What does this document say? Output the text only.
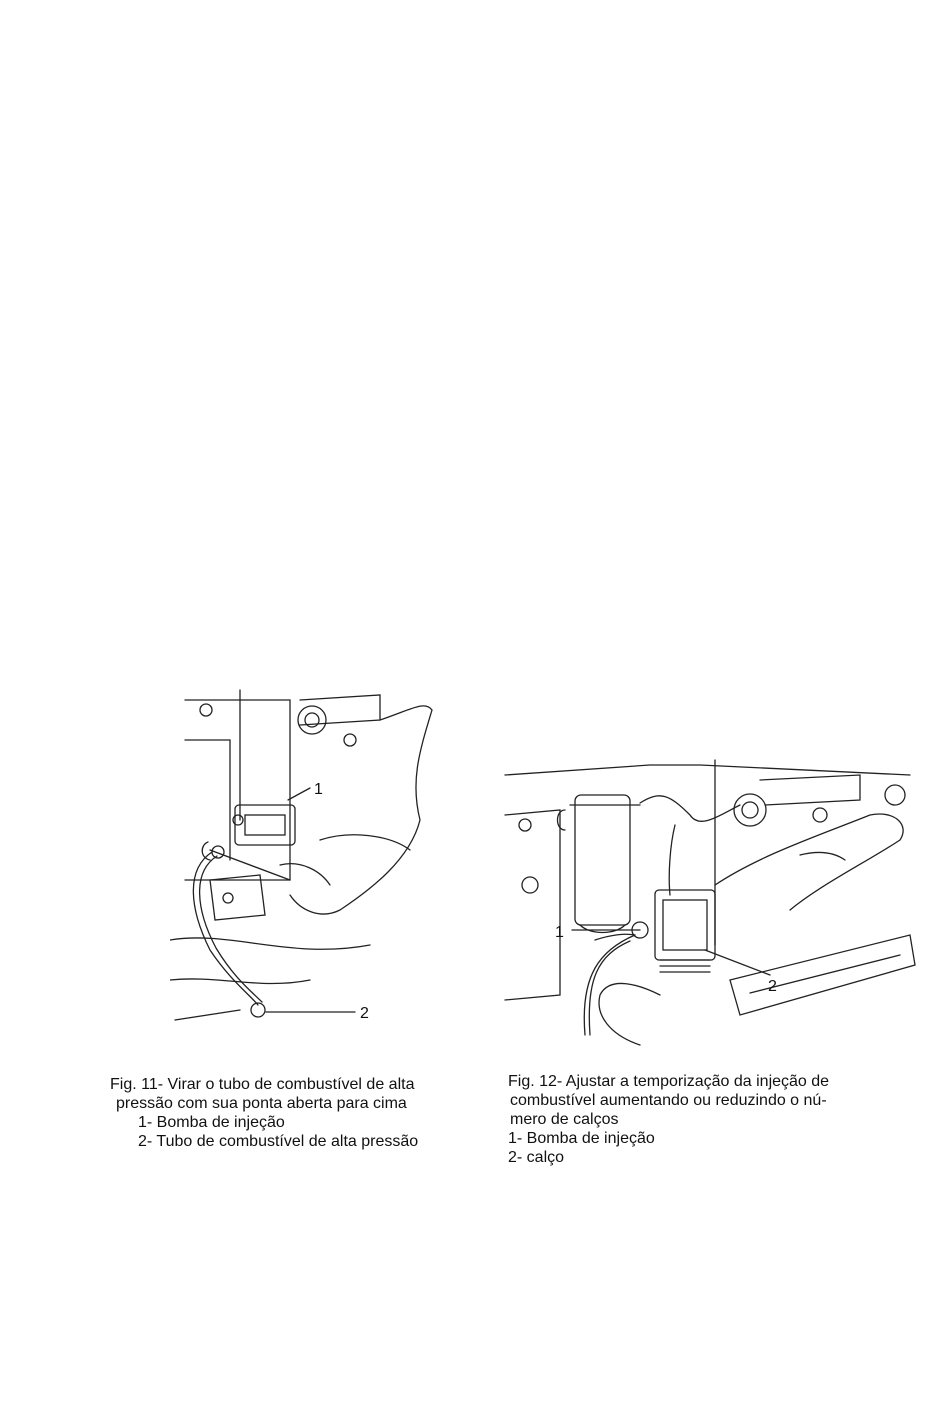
1
2
1
2
Fig. 11- Virar o tubo de combustível de alta
pressão com sua ponta aberta para cima
1- Bomba de injeção
2- Tubo de combustível de alta pressão
Fig. 12- Ajustar a temporização da injeção de
combustível aumentando ou reduzindo o nú-
mero de calços
1- Bomba de injeção
2- calço
